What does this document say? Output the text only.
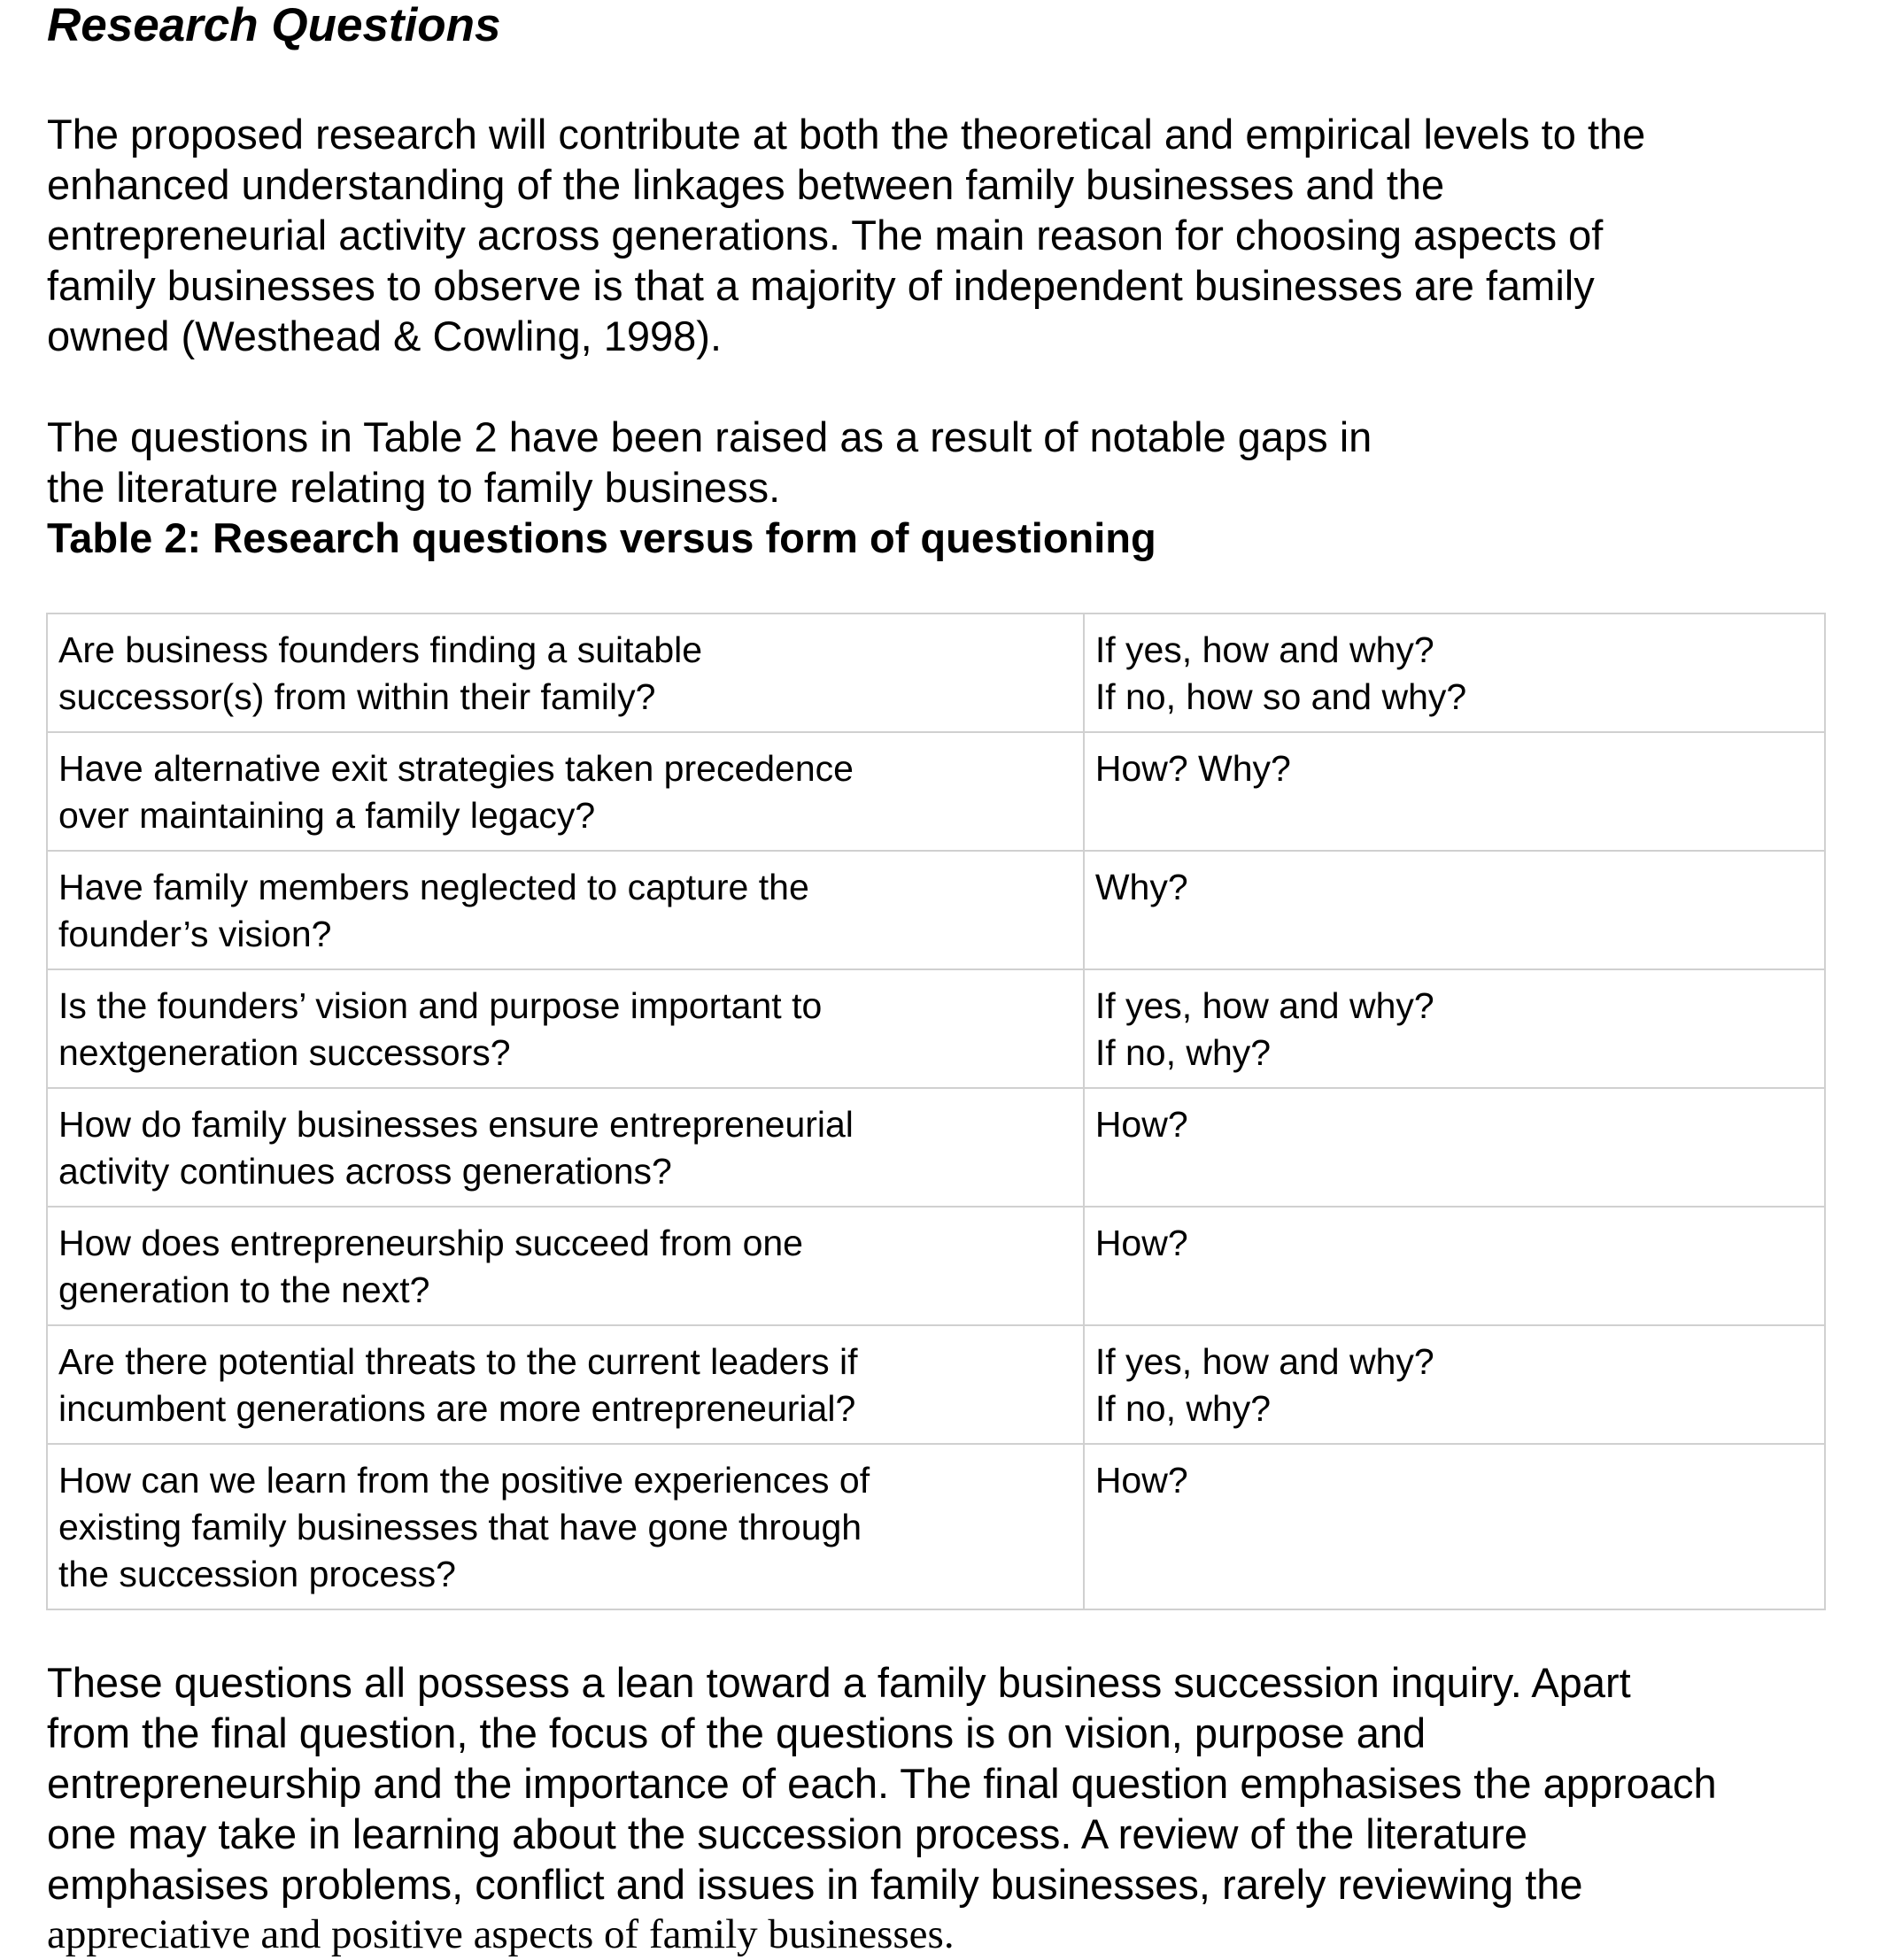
Research Questions

The proposed research will contribute at both the theoretical and empirical levels to the
enhanced understanding of the linkages between family businesses and the
entrepreneurial activity across generations. The main reason for choosing aspects of
family businesses to observe is that a majority of independent businesses are family
owned (Westhead & Cowling, 1998).

The questions in Table 2 have been raised as a result of notable gaps in
the literature relating to family business.

Table 2: Research questions versus form of questioning

Are business founders finding a suitable
successor(s) from within their family?	If yes, how and why?
If no, how so and why?
Have alternative exit strategies taken precedence
over maintaining a family legacy?	How? Why?
Have family members neglected to capture the
founder’s vision?	Why?
Is the founders’ vision and purpose important to
nextgeneration successors?	If yes, how and why?
If no, why?
How do family businesses ensure entrepreneurial
activity continues across generations?	How?
How does entrepreneurship succeed from one
generation to the next?	How?
Are there potential threats to the current leaders if
incumbent generations are more entrepreneurial?	If yes, how and why?
If no, why?
How can we learn from the positive experiences of
existing family businesses that have gone through
the succession process?	How?

These questions all possess a lean toward a family business succession inquiry. Apart
from the final question, the focus of the questions is on vision, purpose and
entrepreneurship and the importance of each. The final question emphasises the approach
one may take in learning about the succession process. A review of the literature
emphasises problems, conflict and issues in family businesses, rarely reviewing the
appreciative and positive aspects of family businesses.
